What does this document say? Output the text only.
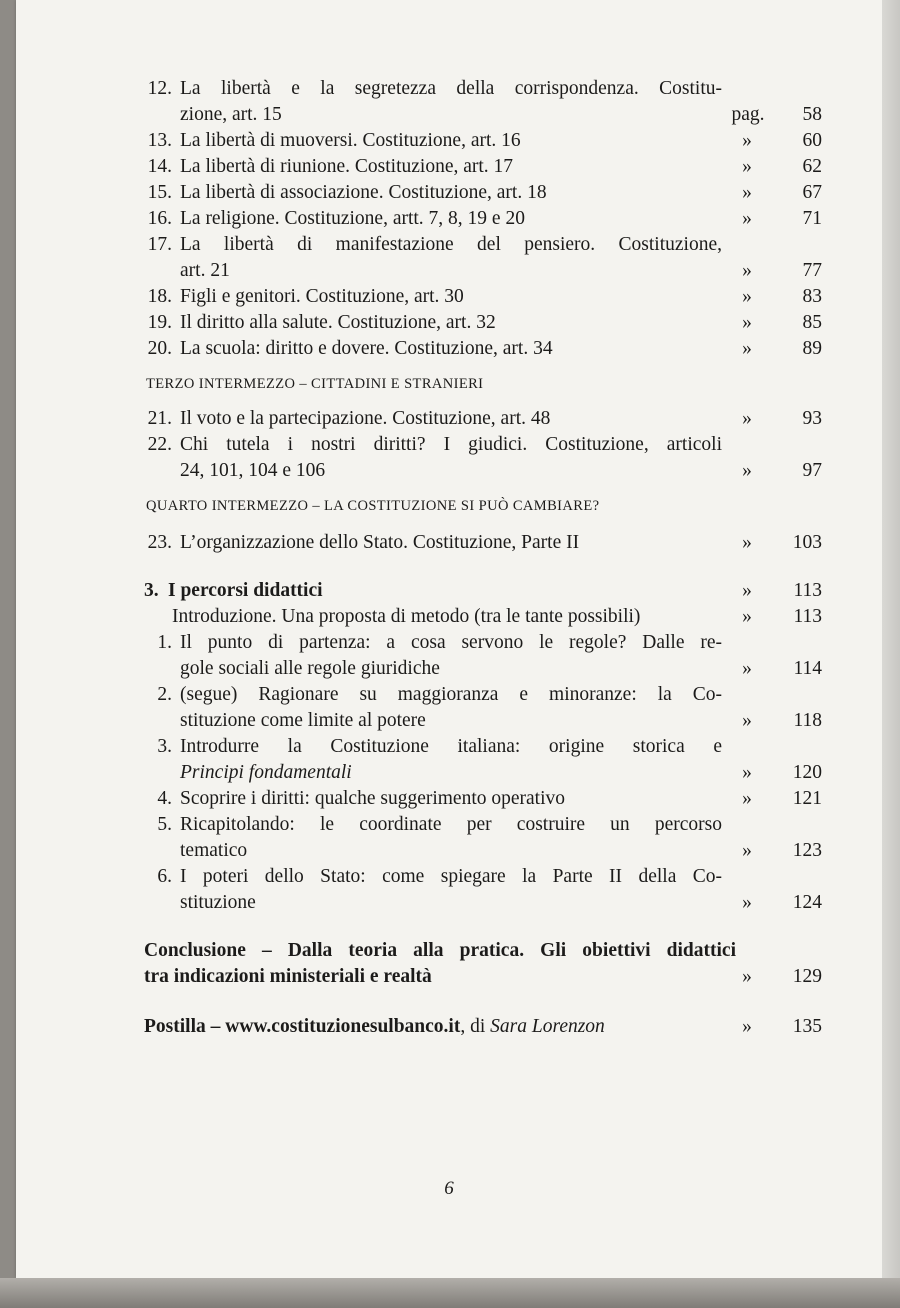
12. La libertà e la segretezza della corrispondenza. Costitu-
zione, art. 15	pag. 58
13. La libertà di muoversi. Costituzione, art. 16	»	60
14. La libertà di riunione. Costituzione, art. 17	»	62
15. La libertà di associazione. Costituzione, art. 18	»	67
16. La religione. Costituzione, artt. 7, 8, 19 e 20	»	71
17. La libertà di manifestazione del pensiero. Costituzione,
art. 21	»	77
18. Figli e genitori. Costituzione, art. 30	»	83
19. Il diritto alla salute. Costituzione, art. 32	»	85
20. La scuola: diritto e dovere. Costituzione, art. 34	»	89
TERZO INTERMEZZO – CITTADINI E STRANIERI
21. Il voto e la partecipazione. Costituzione, art. 48	»	93
22. Chi tutela i nostri diritti? I giudici. Costituzione, articoli
24, 101, 104 e 106	»	97
QUARTO INTERMEZZO – LA COSTITUZIONE SI PUÒ CAMBIARE?
23. L’organizzazione dello Stato. Costituzione, Parte II	»	103
3. I percorsi didattici	»	113
Introduzione. Una proposta di metodo (tra le tante possibili)	»	113
1. Il punto di partenza: a cosa servono le regole? Dalle re-
gole sociali alle regole giuridiche	»	114
2. (segue) Ragionare su maggioranza e minoranze: la Co-
stituzione come limite al potere	»	118
3. Introdurre la Costituzione italiana: origine storica e
Principi fondamentali	»	120
4. Scoprire i diritti: qualche suggerimento operativo	»	121
5. Ricapitolando: le coordinate per costruire un percorso
tematico	»	123
6. I poteri dello Stato: come spiegare la Parte II della Co-
stituzione	»	124
Conclusione – Dalla teoria alla pratica. Gli obiettivi didattici
tra indicazioni ministeriali e realtà	»	129
Postilla – www.costituzionesulbanco.it, di Sara Lorenzon	»	135
6
